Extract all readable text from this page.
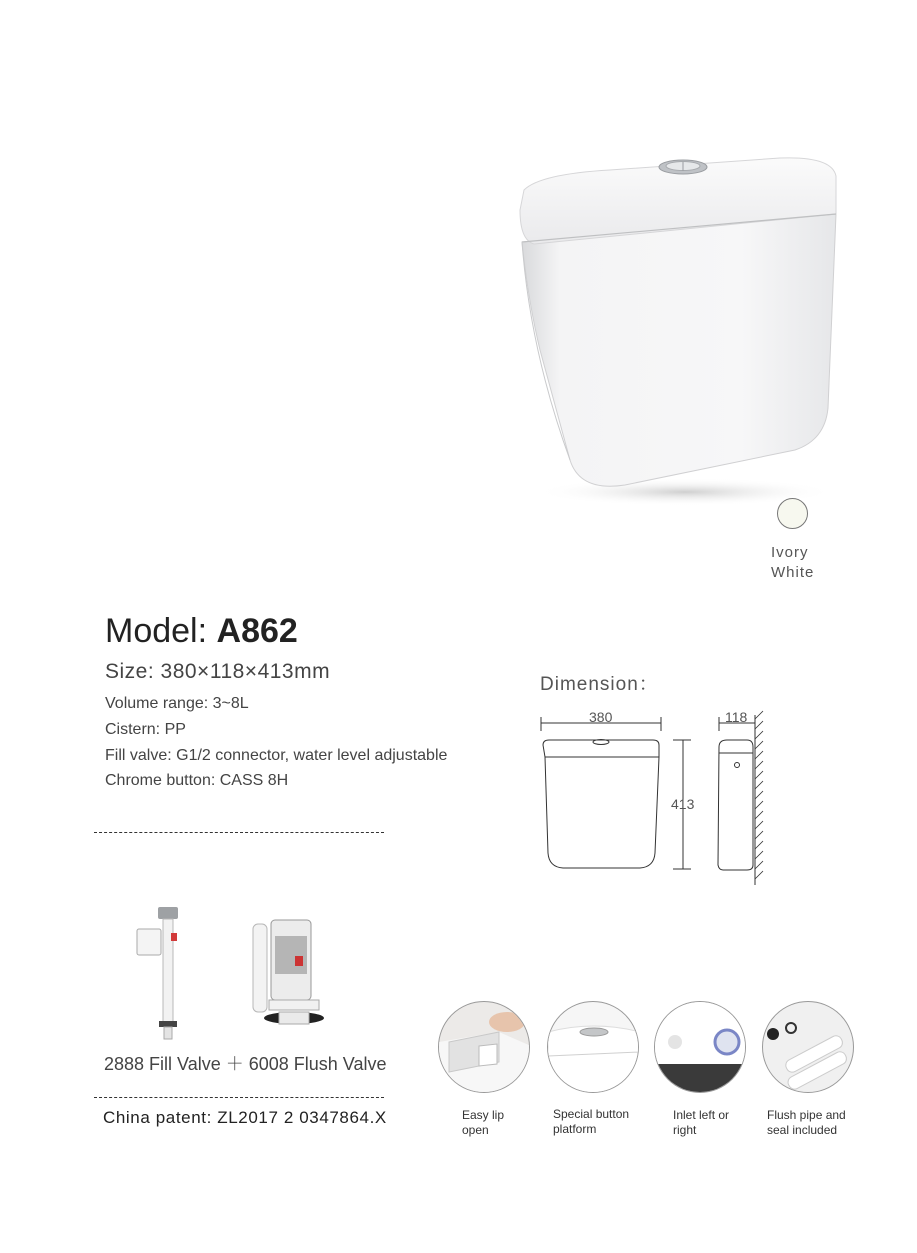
Ivory
White
Model: A862
Size: 380×118×413mm
Volume range: 3~8L
Cistern: PP
Fill valve: G1/2 connector, water level adjustable
Chrome button: CASS 8H
Dimension：
380
413
118
2888 Fill Valve ＋ 6008 Flush Valve
China patent: ZL2017 2 0347864.X	Easy lip
open
Special button
platform
Inlet left or
right
Flush pipe and
seal included
